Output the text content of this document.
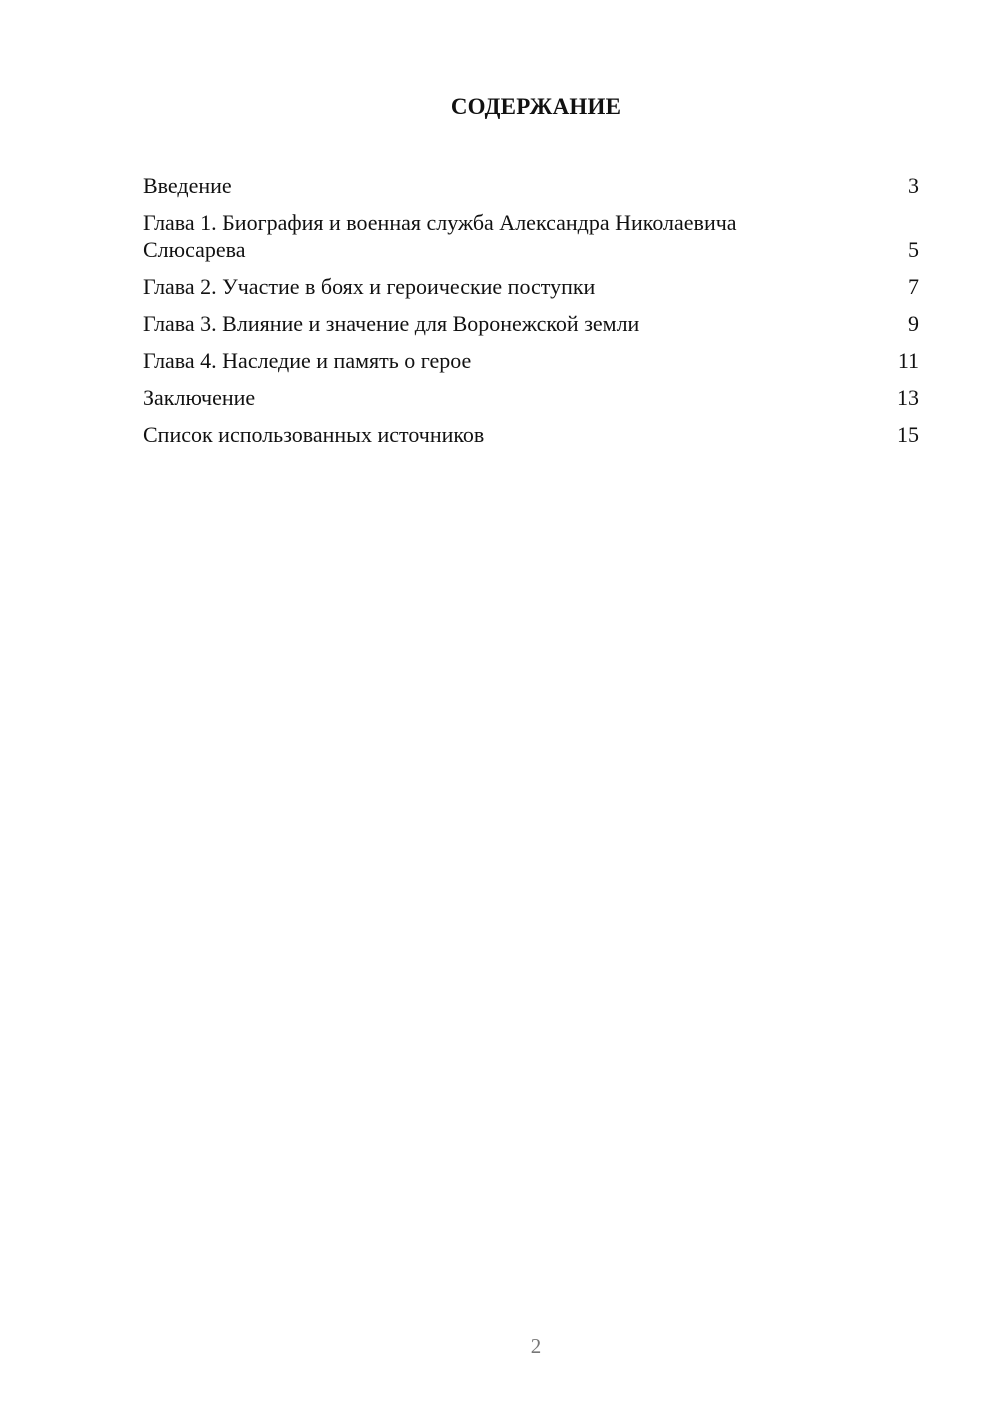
СОДЕРЖАНИЕ
Введение	3
Глава 1. Биография и военная служба Александра Николаевича Слюсарева	5
Глава 2. Участие в боях и героические поступки	7
Глава 3. Влияние и значение для Воронежской земли	9
Глава 4. Наследие и память о герое	11
Заключение	13
Список использованных источников	15
2
